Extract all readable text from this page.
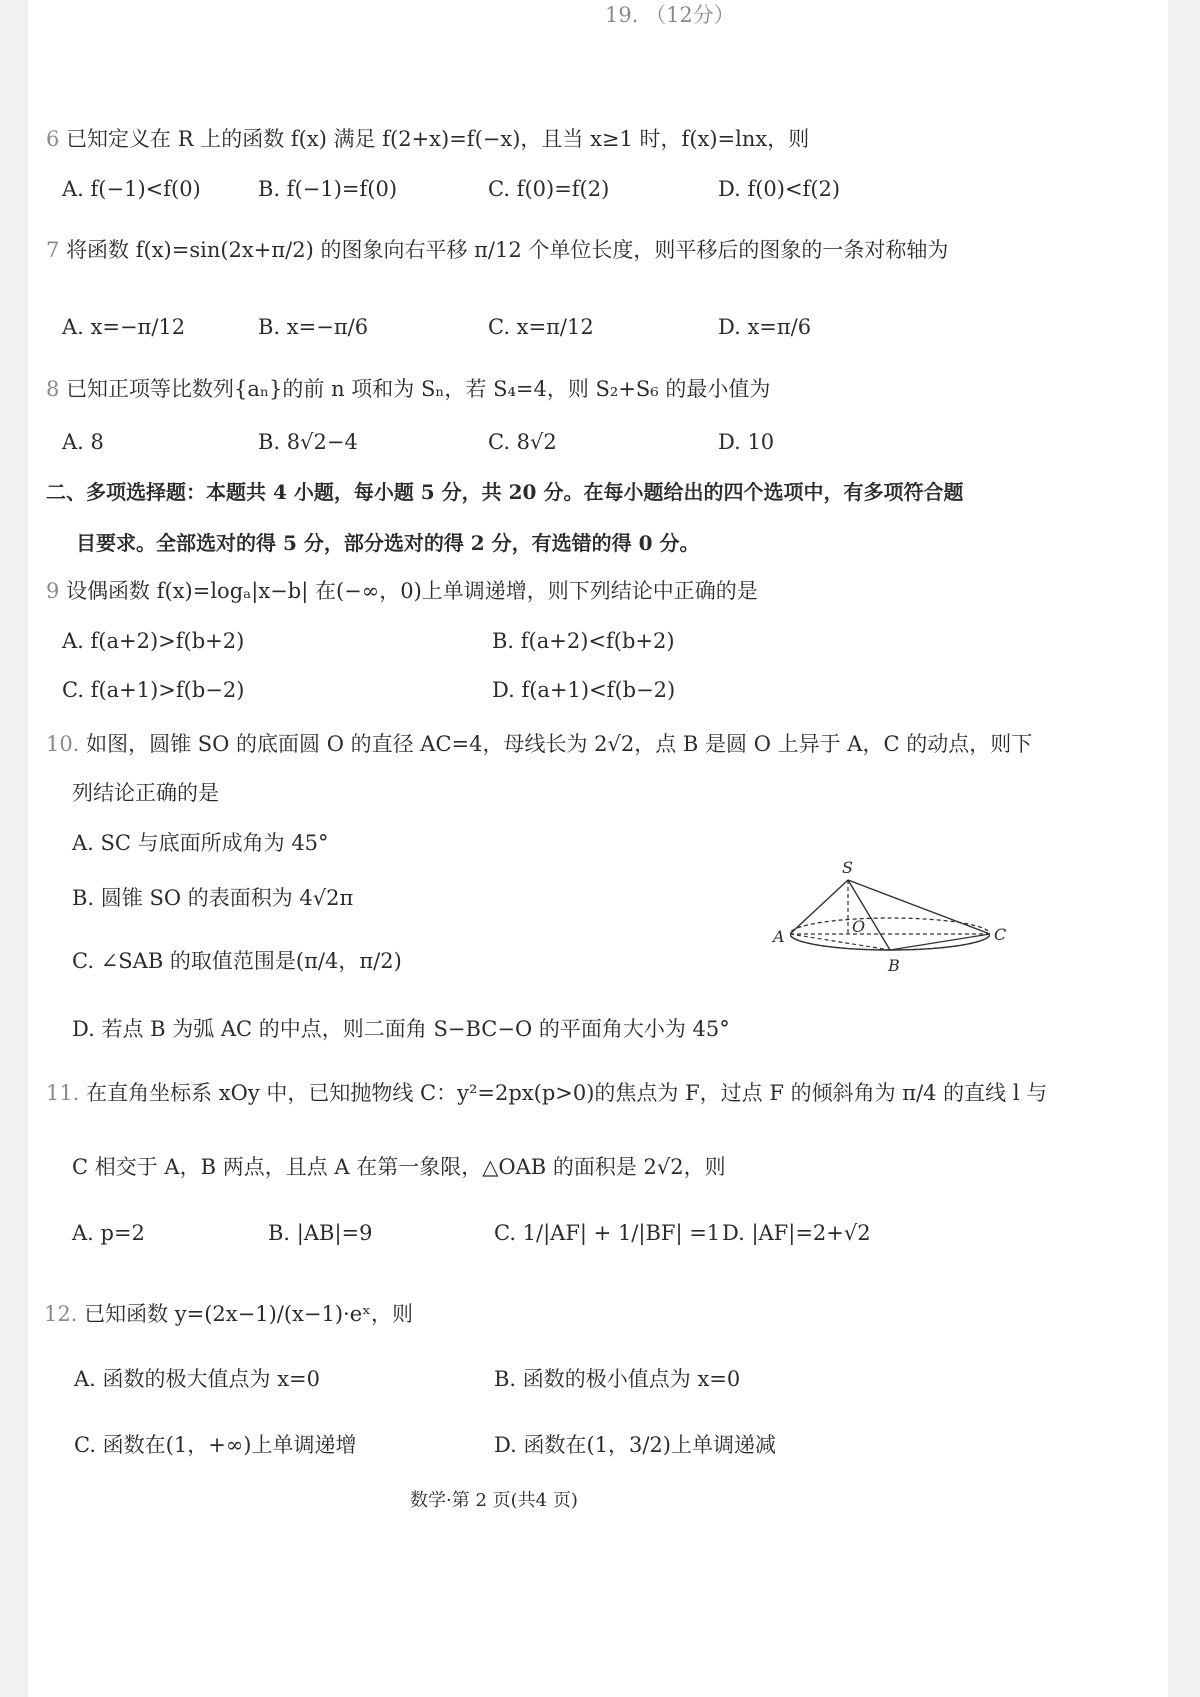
19. （12分）
6 已知定义在 R 上的函数 f(x) 满足 f(2+x)=f(−x)，且当 x≥1 时，f(x)=lnx，则
A. f(−1)<f(0)	B. f(−1)=f(0)	C. f(0)=f(2)	D. f(0)<f(2)
7 将函数 f(x)=sin(2x+π/2) 的图象向右平移 π/12 个单位长度，则平移后的图象的一条对称轴为
A. x=−π/12	B. x=−π/6	C. x=π/12	D. x=π/6
8 已知正项等比数列{aₙ}的前 n 项和为 Sₙ，若 S₄=4，则 S₂+S₆ 的最小值为
A. 8	B. 8√2−4	C. 8√2	D. 10
二、多项选择题：本题共 4 小题，每小题 5 分，共 20 分。在每小题给出的四个选项中，有多项符合题
目要求。全部选对的得 5 分，部分选对的得 2 分，有选错的得 0 分。
9 设偶函数 f(x)=logₐ|x−b| 在(−∞，0)上单调递增，则下列结论中正确的是
A. f(a+2)>f(b+2)	B. f(a+2)<f(b+2)
C. f(a+1)>f(b−2)	D. f(a+1)<f(b−2)
10. 如图，圆锥 SO 的底面圆 O 的直径 AC=4，母线长为 2√2，点 B 是圆 O 上异于 A，C 的动点，则下
列结论正确的是
A. SC 与底面所成角为 45°
B. 圆锥 SO 的表面积为 4√2π
C. ∠SAB 的取值范围是(π/4，π/2)
D. 若点 B 为弧 AC 的中点，则二面角 S−BC−O 的平面角大小为 45°
S
O
A	C
B
11. 在直角坐标系 xOy 中，已知抛物线 C：y²=2px(p>0)的焦点为 F，过点 F 的倾斜角为 π/4 的直线 l 与
C 相交于 A，B 两点，且点 A 在第一象限，△OAB 的面积是 2√2，则
A. p=2	B. |AB|=9	C. 1/|AF| + 1/|BF| =1 D. |AF|=2+√2
12. 已知函数 y=(2x−1)/(x−1)·eˣ，则
A. 函数的极大值点为 x=0	B. 函数的极小值点为 x=0
C. 函数在(1，+∞)上单调递增	D. 函数在(1，3/2)上单调递减
数学·第 2 页(共4 页)
